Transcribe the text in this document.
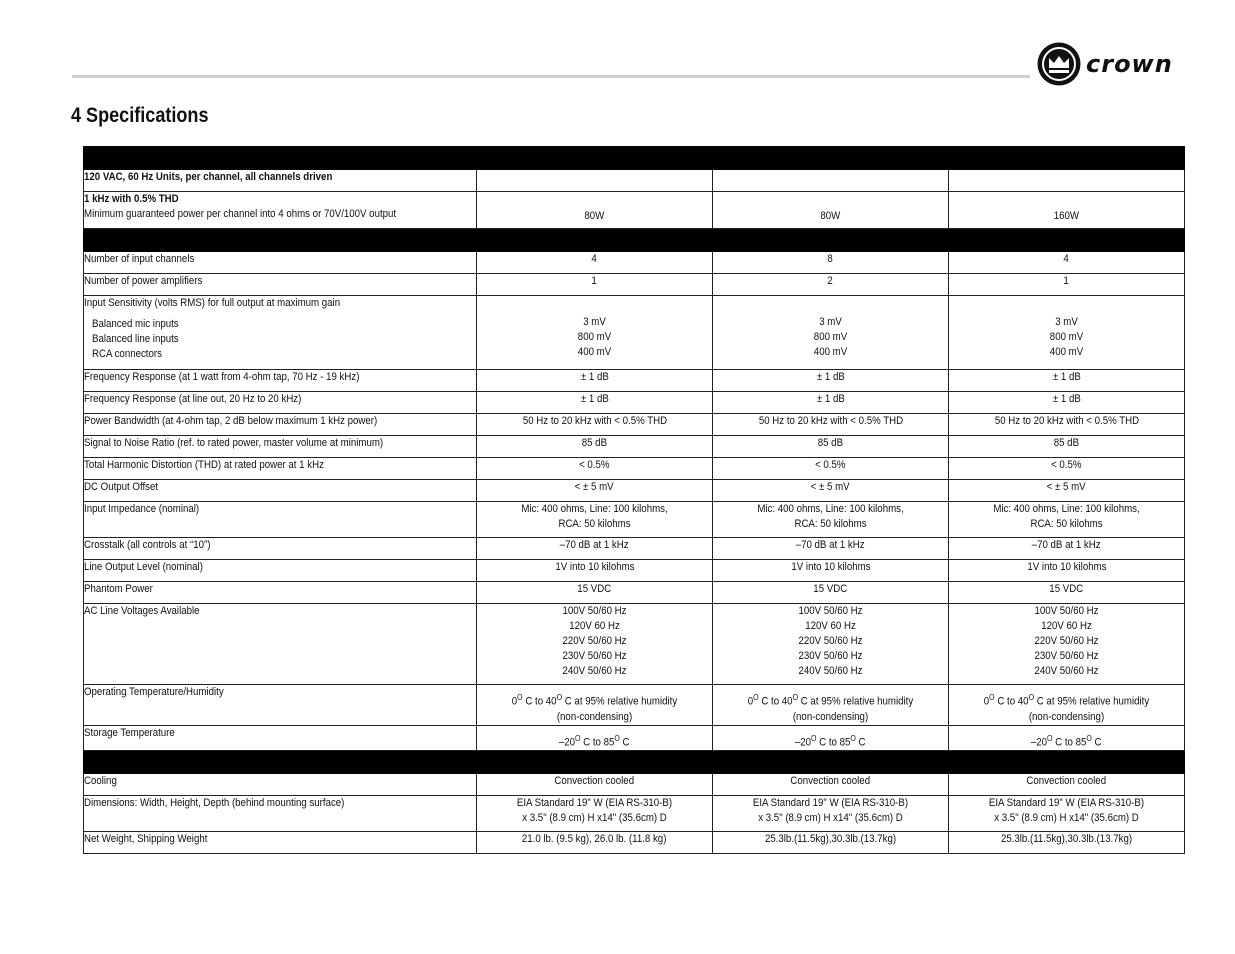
crown
4 Specifications

120 VAC, 60 Hz Units, per channel, all channels driven			

1 kHz with 0.5% THD
Minimum guaranteed power per channel into 4 ohms or 70V/100V output	80W	80W	160W

Number of input channels	4	8	4
Number of power amplifiers	1	2	1

Input Sensitivity (volts RMS) for full output at maximum gain
Balanced mic inputs
Balanced line inputs
RCA connectors	3 mV
800 mV
400 mV	3 mV
800 mV
400 mV	3 mV
800 mV
400 mV

Frequency Response (at 1 watt from 4-ohm tap, 70 Hz - 19 kHz)	± 1 dB	± 1 dB	± 1 dB
Frequency Response (at line out, 20 Hz to 20 kHz)	± 1 dB	± 1 dB	± 1 dB
Power Bandwidth (at 4-ohm tap, 2 dB below maximum 1 kHz power)	50 Hz to 20 kHz with < 0.5% THD	50 Hz to 20 kHz with < 0.5% THD	50 Hz to 20 kHz with < 0.5% THD
Signal to Noise Ratio (ref. to rated power, master volume at minimum)	85 dB	85 dB	85 dB
Total Harmonic Distortion (THD) at rated power at 1 kHz	< 0.5%	< 0.5%	< 0.5%
DC Output Offset	< ± 5 mV	< ± 5 mV	< ± 5 mV
Input Impedance (nominal)	Mic: 400 ohms, Line: 100 kilohms,
RCA: 50 kilohms	Mic: 400 ohms, Line: 100 kilohms,
RCA: 50 kilohms	Mic: 400 ohms, Line: 100 kilohms,
RCA: 50 kilohms

Crosstalk (all controls at “10”)	–70 dB at 1 kHz	–70 dB at 1 kHz	–70 dB at 1 kHz
Line Output Level (nominal)	1V into 10 kilohms	1V into 10 kilohms	1V into 10 kilohms
Phantom Power	15 VDC	15 VDC	15 VDC
AC Line Voltages Available	100V 50/60 Hz
120V 60 Hz
220V 50/60 Hz
230V 50/60 Hz
240V 50/60 Hz	100V 50/60 Hz
120V 60 Hz
220V 50/60 Hz
230V 50/60 Hz
240V 50/60 Hz	100V 50/60 Hz
120V 60 Hz
220V 50/60 Hz
230V 50/60 Hz
240V 50/60 Hz

Operating Temperature/Humidity	$0^O$ C to $40^O$ C at 95% relative humidity
(non-condensing)	$0^O$ C to $40^O$ C at 95% relative humidity
(non-condensing)	$0^O$ C to $40^O$ C at 95% relative humidity
(non-condensing)

Storage Temperature	$-20^O$ C to $85^O$ C	$-20^O$ C to $85^O$ C	$-20^O$ C to $85^O$ C

Cooling	Convection cooled	Convection cooled	Convection cooled
Dimensions: Width, Height, Depth (behind mounting surface)	EIA Standard 19" W (EIA RS-310-B)
x 3.5" (8.9 cm) H x14" (35.6cm) D	EIA Standard 19" W (EIA RS-310-B)
x 3.5" (8.9 cm) H x14" (35.6cm) D	EIA Standard 19" W (EIA RS-310-B)
x 3.5" (8.9 cm) H x14" (35.6cm) D

Net Weight, Shipping Weight	21.0 lb. (9.5 kg), 26.0 lb. (11.8 kg)	25.3lb.(11.5kg),30.3lb.(13.7kg)	25.3lb.(11.5kg),30.3lb.(13.7kg)
